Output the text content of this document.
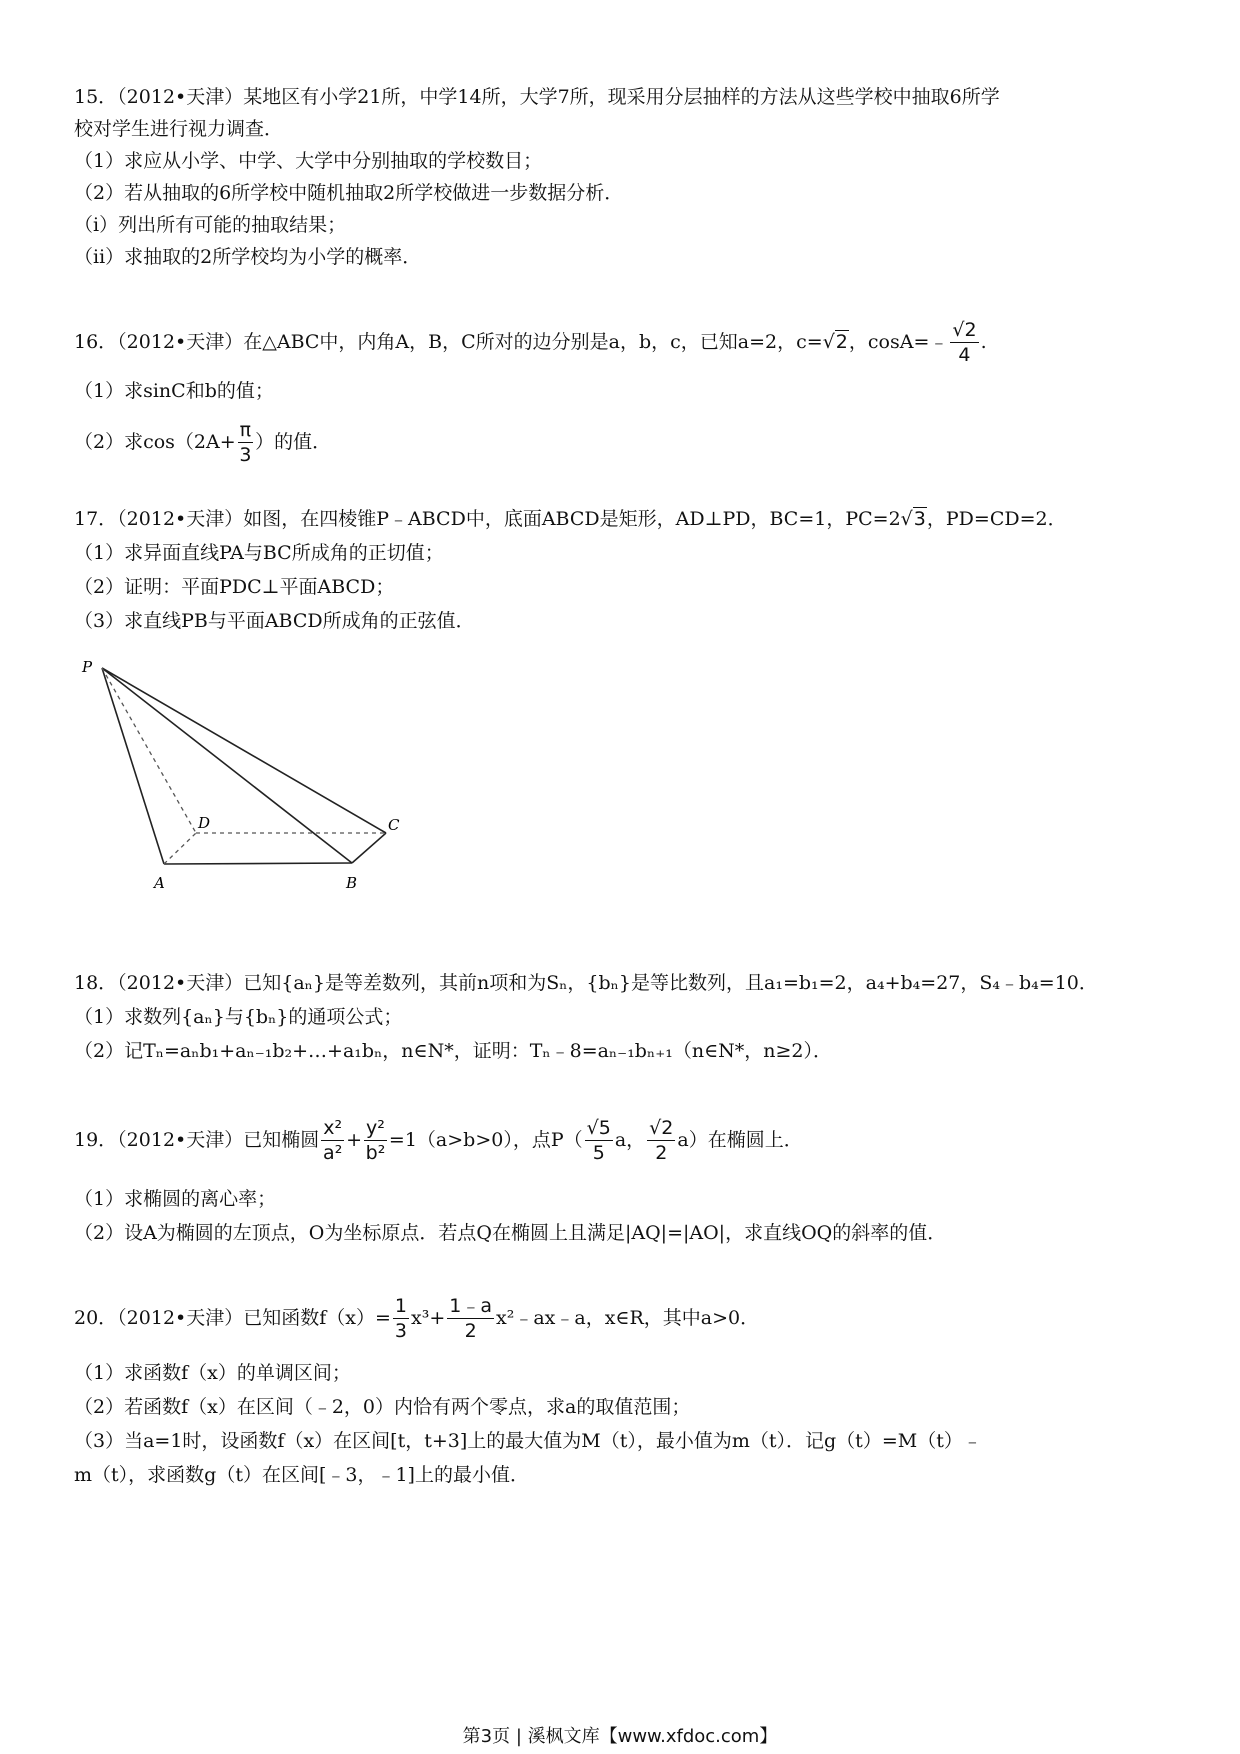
15．（2012•天津）某地区有小学21所，中学14所，大学7所，现采用分层抽样的方法从这些学校中抽取6所学
校对学生进行视力调查．
（1）求应从小学、中学、大学中分别抽取的学校数目；
（2）若从抽取的6所学校中随机抽取2所学校做进一步数据分析．
（ⅰ）列出所有可能的抽取结果；
（ⅱ）求抽取的2所学校均为小学的概率．
16．（2012•天津）在△ABC中，内角A，B，C所对的边分别是a，b，c，已知a=2，c=√2，cosA=﹣ $\frac{√2}{4}$ .
（1）求sinC和b的值；
（2）求$\cos(2A+ \frac{\pi}{3}$ ）的值．
17．（2012•天津）如图，在四棱锥P﹣ABCD中，底面ABCD是矩形，AD⊥PD，BC=1，PC=2√3，PD=CD=2．
（1）求异面直线PA与BC所成角的正切值；
（2）证明：平面PDC⊥平面ABCD；
（3）求直线PB与平面ABCD所成角的正弦值．
P
A	B
C
D
18．（2012•天津）已知{aₙ}是等差数列，其前n项和为Sₙ，{bₙ}是等比数列，且a₁=b₁=2，a₄+b₄=27，S₄﹣b₄=10．
（1）求数列{aₙ}与{bₙ}的通项公式；
（2）记Tₙ=aₙb₁+aₙ₋₁b₂+…+a₁bₙ，n∈N*，证明：Tₙ﹣8=aₙ₋₁bₙ₊₁（n∈N*，n≥2）．
19．（2012•天津）已知椭圆 $\frac{\text{x²}}{\text{a²}} + \frac{\text{y²}}{\text{b²}} =1(a>b>0)$，点$P( \frac{√5}{5}$ a， $\frac{√2}{2} a$）在椭圆上．
（1）求椭圆的离心率；
（2）设A为椭圆的左顶点，O为坐标原点．若点Q在椭圆上且满足|AQ|=|AO|，求直线OQ的斜率的值．
20．（2012•天津）已知函数$f(x)= \frac{1}{3} x^3+ \frac{1﹣a}{2}$ x²﹣ax﹣a，x∈R，其中a>0．
（1）求函数f（x）的单调区间；
（2）若函数f（x）在区间（﹣2，0）内恰有两个零点，求a的取值范围；
（3）当a=1时，设函数f（x）在区间[t，t+3]上的最大值为M（t），最小值为m（t）．记g（t）=M（t）﹣
m（t），求函数g（t）在区间[﹣3，﹣1]上的最小值．
第3页 | 溪枫文库【www.xfdoc.com】
